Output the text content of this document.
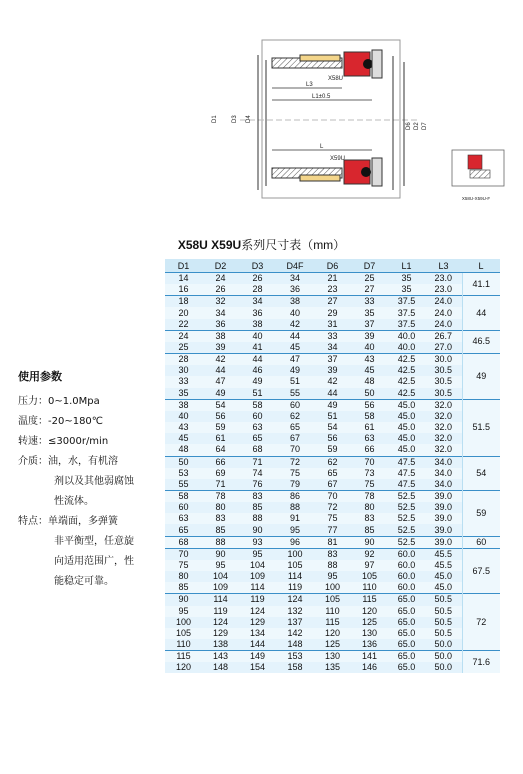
X58U
L3
L1±0.5
L
X59U
D1 D3 D4
D6 D2 D7
X58U-X59U-F
X58U X59U系列尺寸表（mm）
D1	D2	D3	D4F	D6	D7	L1	L3	L
14	24	26	34	21	25	35	23.0	41.1
16	26	28	36	23	27	35	23.0	
18	32	34	38	27	33	37.5	24.0	44
20	34	36	40	29	35	37.5	24.0	
22	36	38	42	31	37	37.5	24.0	
24	38	40	44	33	39	40.0	26.7	46.5
25	39	41	45	34	40	40.0	27.0	
28	42	44	47	37	43	42.5	30.0	49
30	44	46	49	39	45	42.5	30.5	
33	47	49	51	42	48	42.5	30.5	
35	49	51	55	44	50	42.5	30.5	
38	54	58	60	49	56	45.0	32.0	51.5
40	56	60	62	51	58	45.0	32.0	
43	59	63	65	54	61	45.0	32.0	
45	61	65	67	56	63	45.0	32.0	
48	64	68	70	59	66	45.0	32.0	
50	66	71	72	62	70	47.5	34.0	54
53	69	74	75	65	73	47.5	34.0	
55	71	76	79	67	75	47.5	34.0	
58	78	83	86	70	78	52.5	39.0	59
60	80	85	88	72	80	52.5	39.0	
63	83	88	91	75	83	52.5	39.0	
65	85	90	95	77	85	52.5	39.0	
68	88	93	96	81	90	52.5	39.0	60
70	90	95	100	83	92	60.0	45.5	67.5
75	95	104	105	88	97	60.0	45.5	
80	104	109	114	95	105	60.0	45.0	
85	109	114	119	100	110	60.0	45.0	
90	114	119	124	105	115	65.0	50.5	72
95	119	124	132	110	120	65.0	50.5	
100	124	129	137	115	125	65.0	50.5	
105	129	134	142	120	130	65.0	50.5	
110	138	144	148	125	136	65.0	50.0	
115	143	149	153	130	141	65.0	50.0	71.6
120	148	154	158	135	146	65.0	50.0	
使用参数
压力：0~1.0Mpa
温度：-20~180℃
转速：≤3000r/min
介质：油，水，有机溶
剂以及其他弱腐蚀
性流体。
特点：单端面，多弹簧
非平衡型，任意旋
向适用范围广，性
能稳定可靠。
